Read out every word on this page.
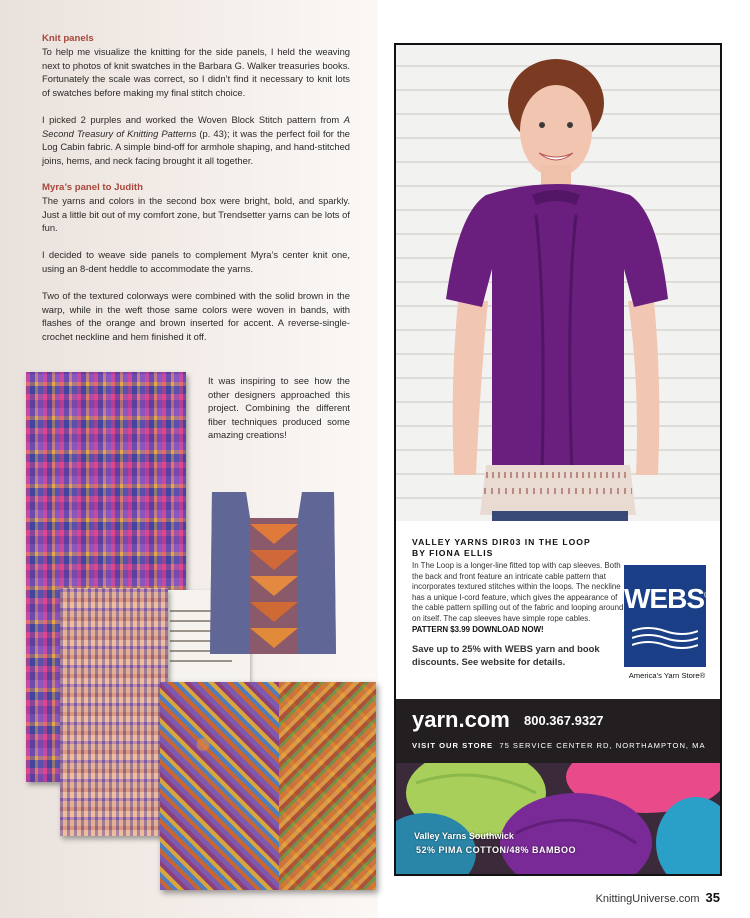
Knit panels

To help me visualize the knitting for the side panels, I held the weaving next to photos of knit swatches in the Barbara G. Walker treasuries books. Fortunately the scale was correct, so I didn’t find it necessary to knit lots of swatches before making my final stitch choice.

I picked 2 purples and worked the Woven Block Stitch pattern from A Second Treasury of Knitting Patterns (p. 43); it was the perfect foil for the Log Cabin fabric. A simple bind-off for armhole shaping, and hand-stitched joins, hems, and neck facing brought it all together.

Myra’s panel to Judith

The yarns and colors in the second box were bright, bold, and sparkly. Just a little bit out of my comfort zone, but Trendsetter yarns can be lots of fun.

I decided to weave side panels to complement Myra’s center knit one, using an 8-dent heddle to accommodate the yarns.

Two of the textured colorways were combined with the solid brown in the warp, while in the weft those same colors were woven in bands, with flashes of the orange and brown inserted for accent. A reverse-single-crochet neckline and hem finished it off.

It was inspiring to see how the other designers approached this project. Combining the different fiber techniques produced some amazing creations!
VALLEY YARNS DIR03 IN THE LOOP
BY FIONA ELLIS
In The Loop is a longer-line fitted top with cap sleeves. Both the back and front feature an intricate cable pattern that incorporates textured stitches within the loops. The neckline has a unique I-cord feature, which gives the appearance of the cable pattern spilling out of the fabric and looping around on itself. The cap sleeves have simple rope cables. PATTERN $3.99 DOWNLOAD NOW!
Save up to 25% with WEBS yarn and book discounts. See website for details.
WEBS®
America’s Yarn Store®
yarn.com 800.367.9327
VISIT OUR STORE 75 SERVICE CENTER RD, NORTHAMPTON, MA
Valley Yarns Southwick
52% PIMA COTTON/48% BAMBOO
KnittingUniverse.com 35
